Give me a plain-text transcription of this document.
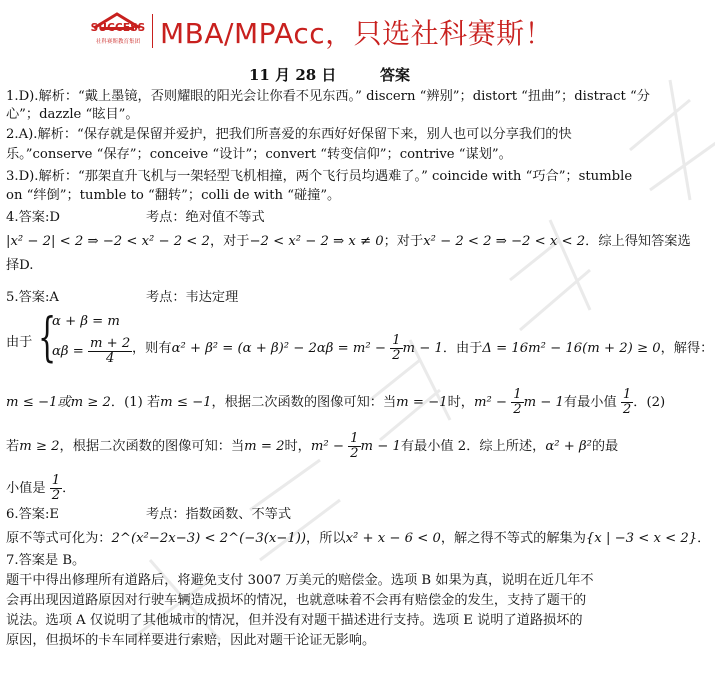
SUCCESS
社科赛斯教育集团 MBA/MPAcc，只选社科赛斯！
11 月 28 日	答案
1.D).解析：“戴上墨镜，否则耀眼的阳光会让你看不见东西。” discern “辨别”；distort “扭曲”；distract “分
心”；dazzle “眩目”。
2.A).解析：“保存就是保留并爱护，把我们所喜爱的东西好好保留下来，别人也可以分享我们的快
乐。”conserve “保存”；conceive “设计”；convert “转变信仰”；contrive “谋划”。
3.D).解析：“那架直升飞机与一架轻型飞机相撞，两个飞行员均遇难了。” coincide with “巧合”；stumble
on “绊倒”；tumble to “翻转”；colli de with “碰撞”。
4.答案:D	考点：绝对值不等式
|x² − 2| < 2 ⇒ −2 < x² − 2 < 2，对于−2 < x² − 2 ⇒ x ≠ 0；对于x² − 2 < 2 ⇒ −2 < x < 2．综上得知答案选
择D.
5.答案:A	考点：韦达定理
由于 {
α + β = m
$\alpha\beta = \frac{m + 2}{4}$ ，则有$\alpha^2 + \beta^2 = (\alpha + \beta)^2 - 2\alpha\beta = m^2 - \frac{1}{2}$ m − 1．由于Δ = 16m² − 16(m + 2) ≥ 0，解得：
m ≤ −1或m ≥ 2．(1) 若m ≤ −1，根据二次函数的图像可知：当m = −1时，$m^2 - \frac{1}{2}$ m − 1有最小值 $\frac{1}{2}$ ．(2)
若m ≥ 2，根据二次函数的图像可知：当m = 2时，$m^2 - \frac{1}{2}$ m − 1有最小值 2．综上所述，α² + β²的最
小值是 $\frac{1}{2}$ ．
6.答案:E	考点：指数函数、不等式
原不等式可化为：2^(x²−2x−3) < 2^(−3(x−1))，所以x² + x − 6 < 0，解之得不等式的解集为{x | −3 < x < 2}．
7.答案是 B。
题干中得出修理所有道路后，将避免支付 3007 万美元的赔偿金。选项 B 如果为真，说明在近几年不
会再出现因道路原因对行驶车辆造成损坏的情况，也就意味着不会再有赔偿金的发生，支持了题干的
说法。选项 A 仅说明了其他城市的情况，但并没有对题干描述进行支持。选项 E 说明了道路损坏的
原因，但损坏的卡车同样要进行索赔，因此对题干论证无影响。
